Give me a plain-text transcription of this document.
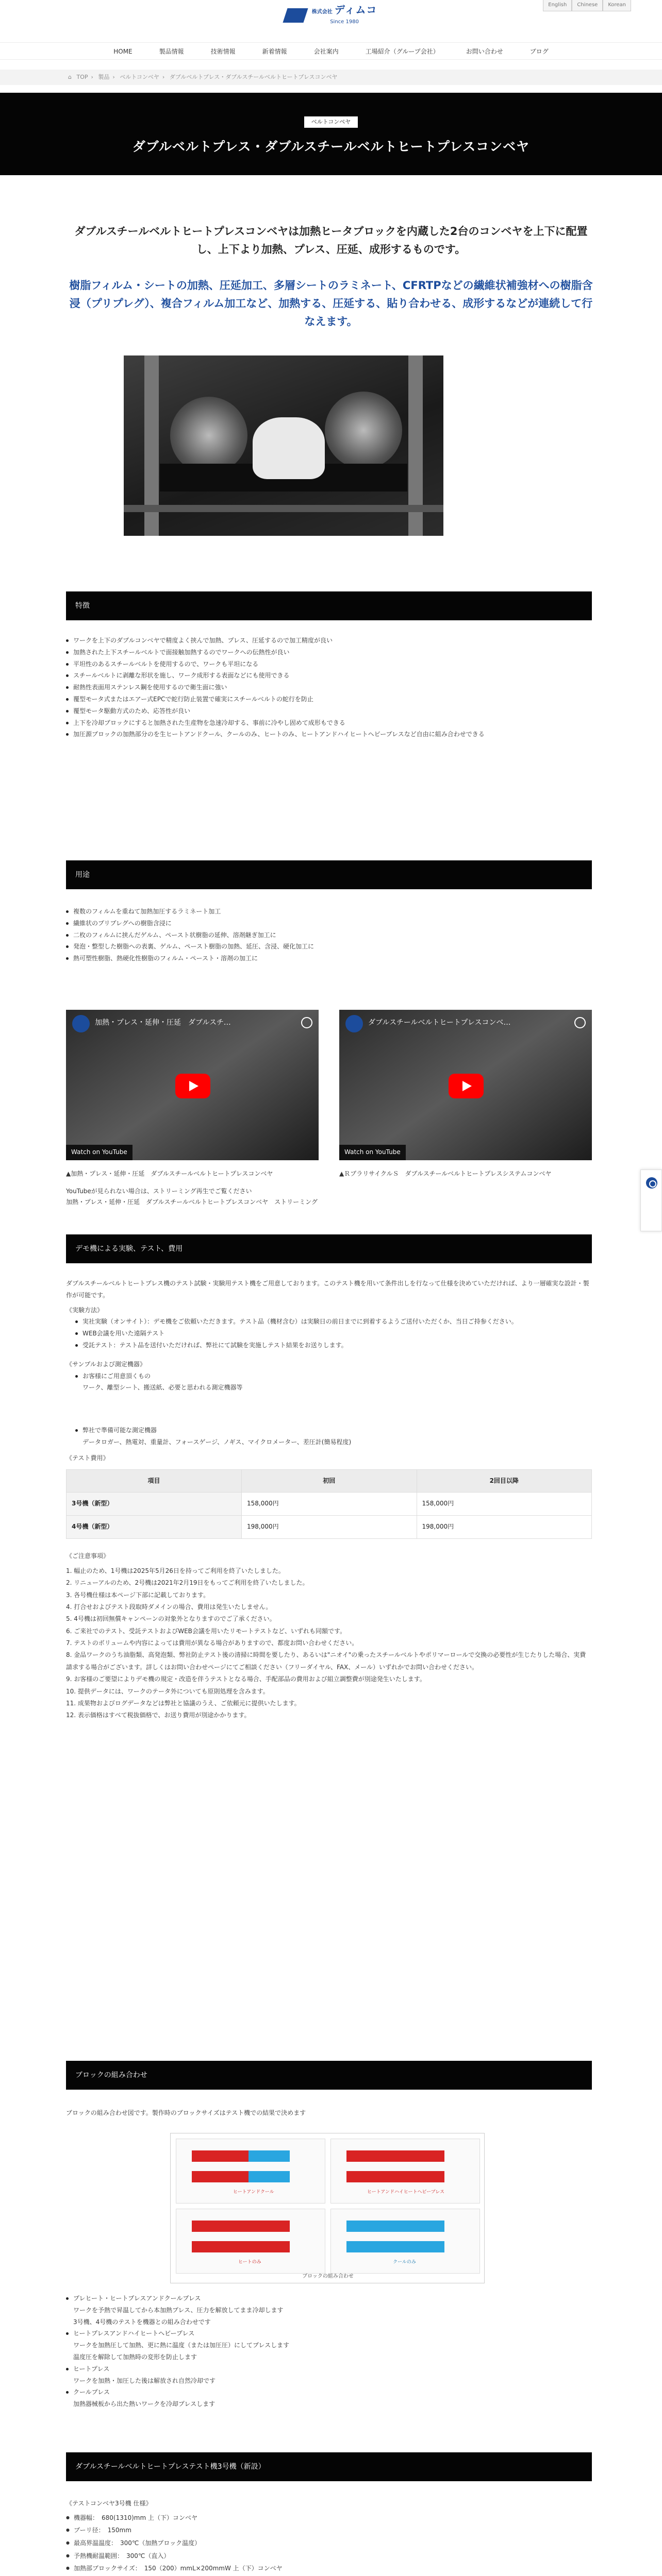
English	Chinese	Korean
株式会社 ディムコ
Since 1980
HOME	製品情報	技術情報	新着情報	会社案内	工場紹介（グループ会社）	お問い合わせ	ブログ
⌂ TOP › 製品 › ベルトコンベヤ › ダブルベルトプレス・ダブルスチールベルトヒートプレスコンベヤ
ベルトコンベヤ
ダブルベルトプレス・ダブルスチールベルトヒートプレスコンベヤ
ダブルスチールベルトヒートプレスコンベヤは加熱ヒータブロックを内蔵した2台のコンベヤを上下に配置し、上下より加熱、プレス、圧延、成形するものです。
樹脂フィルム・シートの加熱、圧延加工、多層シートのラミネート、CFRTPなどの繊維状補強材への樹脂含浸（プリプレグ）、複合フィルム加工など、加熱する、圧延する、貼り合わせる、成形するなどが連続して行なえます。
特徴
ワークを上下のダブルコンベヤで精度よく挟んで加熱、プレス、圧延するので加工精度が良い
加熱された上下スチールベルトで面接触加熱するのでワークへの伝熱性が良い
平坦性のあるスチールベルトを使用するので、ワークも平坦になる
スチールベルトに剥離な形状を施し、ワーク成形する表面などにも使用できる
耐熱性表面用ステンレス鋼を使用するので衛生面に強い
覆型モータ式またはエアー式EPCで蛇行防止装置で確実にスチールベルトの蛇行を防止
覆型モータ駆動方式のため、応答性が良い
上下を冷却ブロックにすると加熱された生産物を急速冷却する、事前に冷やし固めて成形もできる
加圧源ブロックの加熱部分のを生ヒートアンドクール、クールのみ、ヒートのみ、ヒートアンドハイヒートヘビープレスなど自由に組み合わせできる
用途
複数のフィルムを重ねて加熱加圧するラミネート加工
繊維状のプリプレグへの樹脂含浸に
二枚のフィルムに挟んだゲルム、ペースト状樹脂の延伸、溶剤継ぎ加工に
発泡・整型した樹脂への表裏、ゲルム、ペースト樹脂の加熱、延圧、含浸、硬化加工に
熱可塑性樹脂、熱硬化性樹脂のフィルム・ペースト・溶剤の加工に
加熱・プレス・延伸・圧延　ダブルスチ…
Watch on YouTube
ダブルスチールベルトヒートプレスコンベ…
Watch on YouTube
▲加熱・プレス・延伸・圧延　ダブルスチールベルトヒートプレスコンベヤ
YouTubeが見られない場合は、ストリーミング再生でご覧ください
加熱・プレス・延伸・圧延　ダブルスチールベルトヒートプレスコンベヤ　ストリーミング
▲ＲブラリサイクルＳ　ダブルスチールベルトヒートプレスシステムコンベヤ
デモ機による実験、テスト、費用
ダブルスチールベルトヒートプレス機のテスト試験・実験用テスト機をご用意しております。このテスト機を用いて条件出しを行なって仕様を決めていただければ、より一層確実な設計・製作が可能です。
《実験方法》
実社実験（オンサイト）：デモ機をご依頼いただきます。テスト品（機材含む）は実験日の前日までに到着するようご送付いただくか、当日ご持参ください。
WEB会議を用いた遠隔テスト
受託テスト：テスト品を送付いただければ、弊社にて試験を実施しテスト結果をお送りします。
《サンプルおよび測定機器》
お客様にご用意頂くもの
ワーク、離型シート、搬送紙、必要と思われる測定機器等
弊社で準備可能な測定機器
データロガー、熱電対、重量計、フォースゲージ、ノギス、マイクロメーター、差圧計(簡易程度)
《テスト費用》
項目	初回	2回目以降
3号機（新型）	158,000円	158,000円
4号機（新型）	198,000円	198,000円
《ご注意事項》
1. 幅止のため、1号機は2025年5月26日を持ってご利用を終了いたしました。
2. リニューアルのため、2号機は2021年2月19日をもってご利用を終了いたしました。
3. 各号機仕様は本ページ下部に記載しております。
4. 打合せおよびテスト段取時ダメインの場合、費用は発生いたしません。
5. 4号機は初回無償キャンペーンの対象外となりますのでご了承ください。
6. ご来社でのテスト、受託テストおよびWEB会議を用いたリモートテストなど、いずれも同額です。
7. テストのボリュームや内容によっては費用が異なる場合がありますので、都度お問い合わせください。
8. 金品ワークのうち油脂類、高発泡類、弊社防止テスト後の清掃に時間を要したり、あるいは"ニオイ"の乗ったスチールベルトやポリマーロールで交換の必要性が生じたりした場合、実費請求する場合がございます。詳しくはお問い合わせページにてご相談ください（フリーダイヤル、FAX、メール）いずれかでお問い合わせください。
9. お客様のご要望によりデモ機の規定・改造を伴うテストとなる場合、手配部品の費用および組立調整費が別途発生いたします。
10. 提供データには、ワークのテータ外についても原則処理を含みます。
11. 成果物およびログデータなどは弊社と協議のうえ、ご依頼元に提供いたします。
12. 表示価格はすべて税抜価格で、お送り費用が別途かかります。
ブロックの組み合わせ
ブロックの組み合わせ図です。製作時のブロックサイズはテスト機での結果で決めます
ヒートアンドクール	ヒートアンドハイヒートヘビープレス
ヒートのみ	クールのみ
ブロックの組み合わせ
プレヒート・ヒートプレスアンドクールプレス
ワークを予熱で昇温してから本加熱プレス、圧力を解放してまま冷却します
3号機、4号機のテストを機器との組み合わせです
ヒートプレスアンドハイヒートヘビープレス
ワークを加熱圧して加熱、更に熱に温度（または加圧圧）にしてプレスします
温度圧を解除して加熱時の変形を防止します
ヒートプレス
ワークを加熱・加圧した後は解放され自然冷却です
クールプレス
加熱器械板から出た熱いワークを冷却プレスします
ダブルスチールベルトヒートプレステスト機3号機（新設）
《テストコンベヤ3号機 仕様》
● 機器幅：　680(1310)mm 上（下）コンベヤ
● ブーリ径：　150mm
● 最高界温温度：　300℃（加熱プロック温度）
● 予熱機耐温範囲：　300℃（直入）
● 加熱部ブロックサイズ：　150（200）mmL×200mmW 上（下）コンベヤ
●
